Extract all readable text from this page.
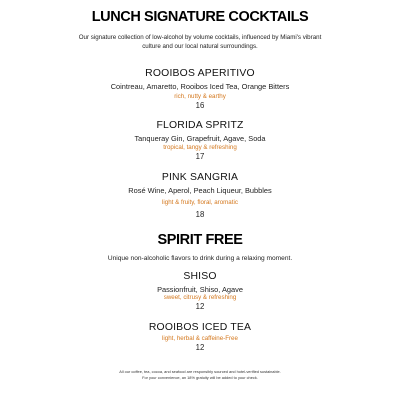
LUNCH SIGNATURE COCKTAILS
Our signature collection of low-alcohol by volume cocktails, influenced by Miami's vibrant
culture and our local natural surroundings.
ROOIBOS APERITIVO
Cointreau, Amaretto, Rooibos Iced Tea, Orange Bitters
rich, nutty & earthy
16
FLORIDA SPRITZ
Tanqueray Gin, Grapefruit, Agave, Soda
tropical, tangy & refreshing
17
PINK SANGRIA
Rosé Wine, Aperol, Peach Liqueur, Bubbles
light & fruity, floral, aromatic
18
SPIRIT FREE
Unique non-alcoholic flavors to drink during a relaxing moment.
SHISO
Passionfruit, Shiso, Agave
sweet, citrusy & refreshing
12
ROOIBOS ICED TEA
light, herbal & caffeine-Free
12
All our coffee, tea, cocoa, and seafood are responsibly sourced and hotel-verified sustainable.
For your convenience, an 18% gratuity will be added to your check.
